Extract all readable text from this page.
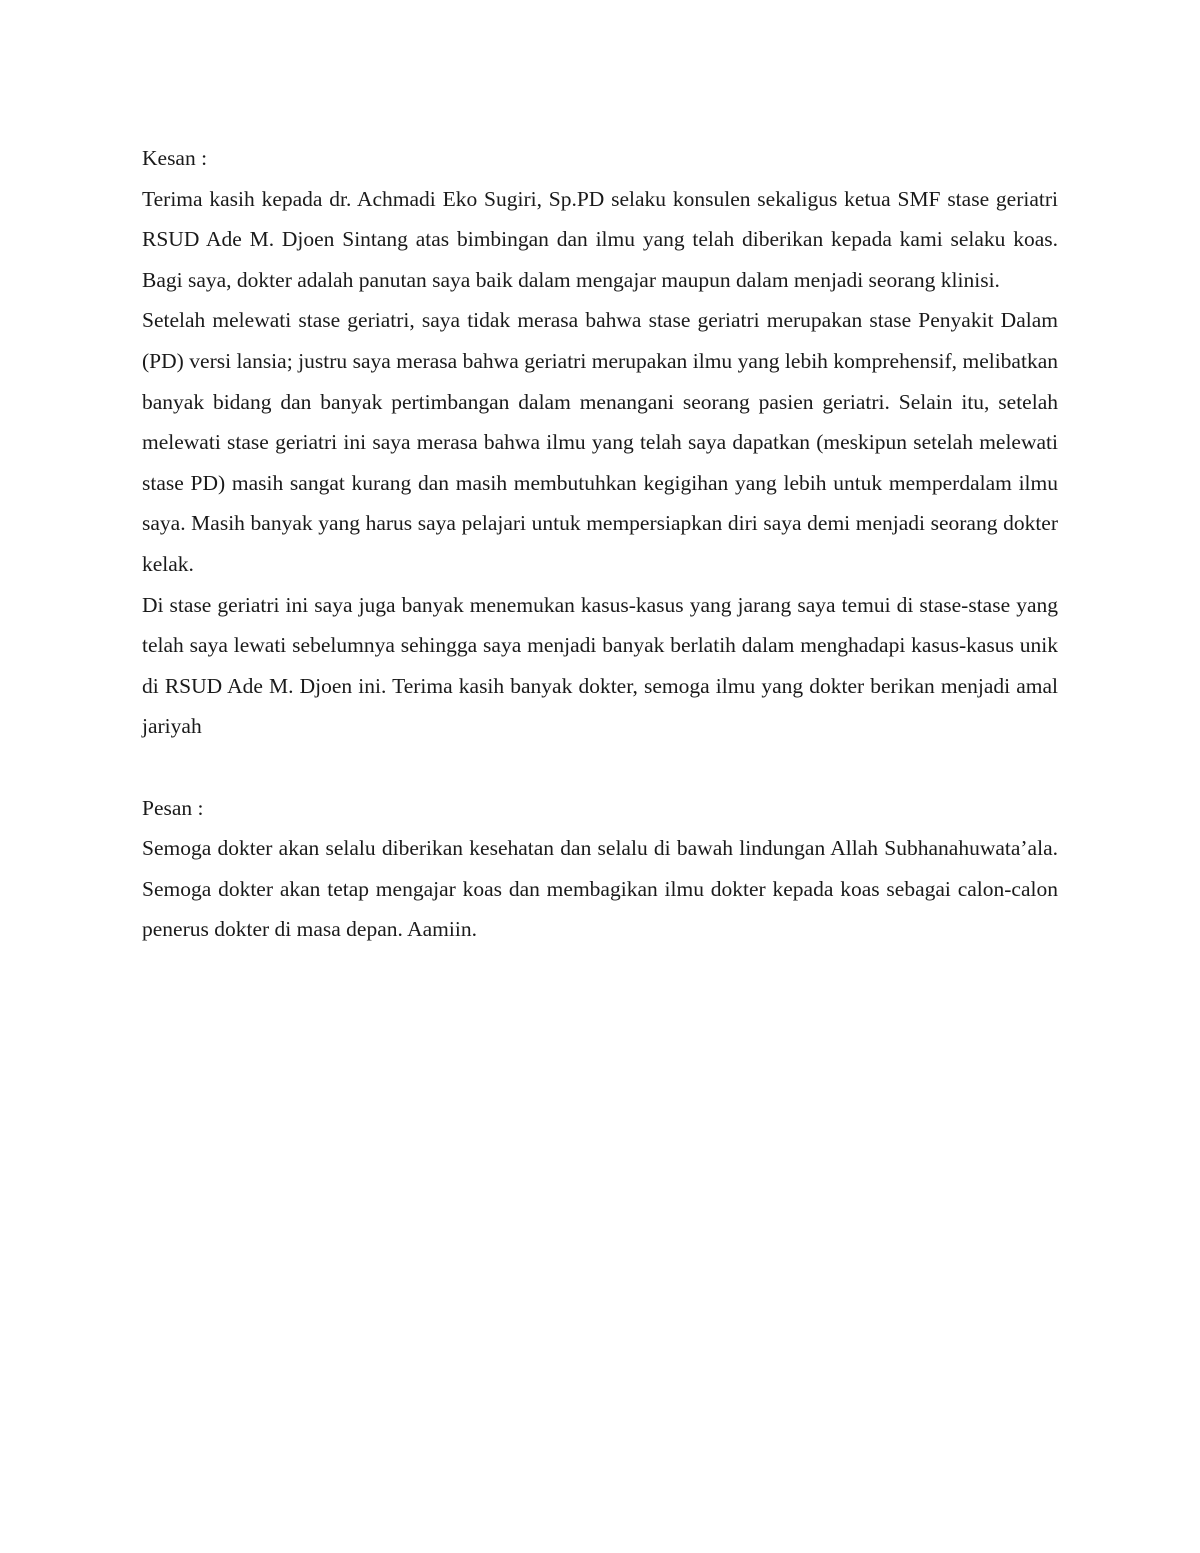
Kesan :

Terima kasih kepada dr. Achmadi Eko Sugiri, Sp.PD selaku konsulen sekaligus ketua SMF stase geriatri RSUD Ade M. Djoen Sintang atas bimbingan dan ilmu yang telah diberikan kepada kami selaku koas. Bagi saya, dokter adalah panutan saya baik dalam mengajar maupun dalam menjadi seorang klinisi.

Setelah melewati stase geriatri, saya tidak merasa bahwa stase geriatri merupakan stase Penyakit Dalam (PD) versi lansia; justru saya merasa bahwa geriatri merupakan ilmu yang lebih komprehensif, melibatkan banyak bidang dan banyak pertimbangan dalam menangani seorang pasien geriatri. Selain itu, setelah melewati stase geriatri ini saya merasa bahwa ilmu yang telah saya dapatkan (meskipun setelah melewati stase PD) masih sangat kurang dan masih membutuhkan kegigihan yang lebih untuk memperdalam ilmu saya. Masih banyak yang harus saya pelajari untuk mempersiapkan diri saya demi menjadi seorang dokter kelak.

Di stase geriatri ini saya juga banyak menemukan kasus-kasus yang jarang saya temui di stase-stase yang telah saya lewati sebelumnya sehingga saya menjadi banyak berlatih dalam menghadapi kasus-kasus unik di RSUD Ade M. Djoen ini. Terima kasih banyak dokter, semoga ilmu yang dokter berikan menjadi amal jariyah

Pesan :

Semoga dokter akan selalu diberikan kesehatan dan selalu di bawah lindungan Allah Subhanahuwata’ala. Semoga dokter akan tetap mengajar koas dan membagikan ilmu dokter kepada koas sebagai calon-calon penerus dokter di masa depan. Aamiin.
